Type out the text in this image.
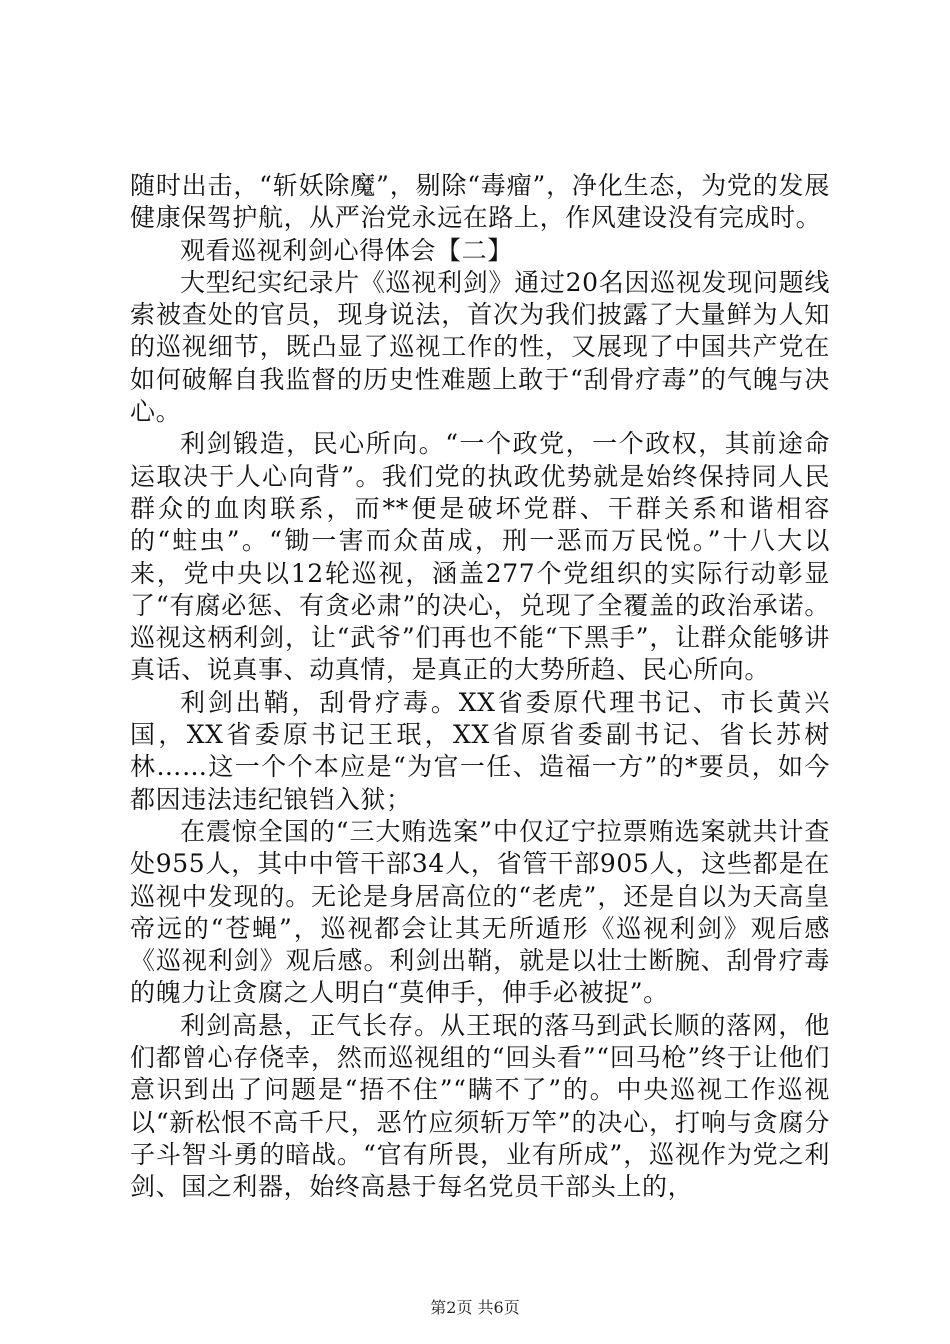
随时出击，“斩妖除魔”，剔除“毒瘤”，净化生态，为党的发展健康保驾护航，从严治党永远在路上，作风建设没有完成时。

观看巡视利剑心得体会【二】

大型纪实纪录片《巡视利剑》通过20名因巡视发现问题线索被查处的官员，现身说法，首次为我们披露了大量鲜为人知的巡视细节，既凸显了巡视工作的性，又展现了中国共产党在如何破解自我监督的历史性难题上敢于“刮骨疗毒”的气魄与决心。

利剑锻造，民心所向。“一个政党，一个政权，其前途命运取决于人心向背”。我们党的执政优势就是始终保持同人民群众的血肉联系，而**便是破坏党群、干群关系和谐相容的“蛀虫”。“锄一害而众苗成，刑一恶而万民悦。”十八大以来，党中央以12轮巡视，涵盖277个党组织的实际行动彰显了“有腐必惩、有贪必肃”的决心，兑现了全覆盖的政治承诺。巡视这柄利剑，让“武爷”们再也不能“下黑手”，让群众能够讲真话、说真事、动真情，是真正的大势所趋、民心所向。

利剑出鞘，刮骨疗毒。XX省委原代理书记、市长黄兴国，XX省委原书记王珉，XX省原省委副书记、省长苏树林……这一个个本应是“为官一任、造福一方”的*要员，如今都因违法违纪锒铛入狱；

在震惊全国的“三大贿选案”中仅辽宁拉票贿选案就共计查处955人，其中中管干部34人，省管干部905人，这些都是在巡视中发现的。无论是身居高位的“老虎”，还是自以为天高皇帝远的“苍蝇”，巡视都会让其无所遁形《巡视利剑》观后感《巡视利剑》观后感。利剑出鞘，就是以壮士断腕、刮骨疗毒的魄力让贪腐之人明白“莫伸手，伸手必被捉”。

利剑高悬，正气长存。从王珉的落马到武长顺的落网，他们都曾心存侥幸，然而巡视组的“回头看”“回马枪”终于让他们意识到出了问题是“捂不住”“瞒不了”的。中央巡视工作巡视以“新松恨不高千尺，恶竹应须斩万竿”的决心，打响与贪腐分子斗智斗勇的暗战。“官有所畏，业有所成”，巡视作为党之利剑、国之利器，始终高悬于每名党员干部头上的，

第2页 共6页
